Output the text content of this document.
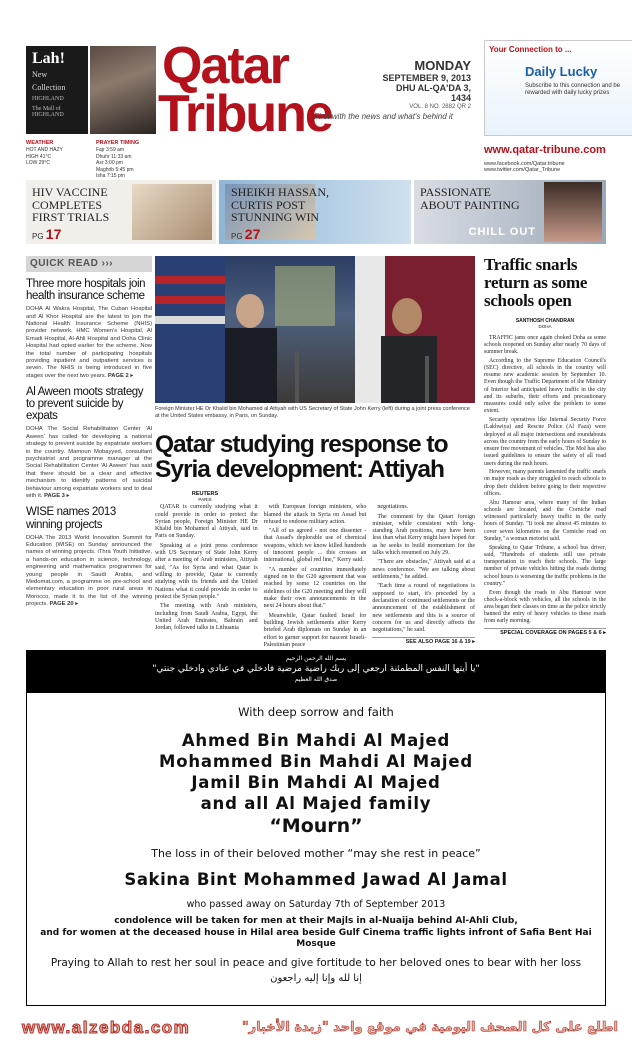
Lah!
New
Collection
HIGHLAND
The Mall of HIGHLAND
Qatar
Tribune
MONDAY
SEPTEMBER 9, 2013
DHU AL-QA'DA 3, 1434
VOL. 8 NO. 2882 QR 2
First with the news and what's behind it
Your Connection to ...
Daily Lucky
Subscribe to this connection and be rewarded with daily lucky prizes
www.qatar-tribune.com
www.facebook.com/Qatar.tribune www.twitter.com/Qatar_Tribune
WEATHER
HOT AND HAZY
HIGH 41°C
LOW 29°C
PRAYER TIMING
Fajr 3:59 am
Dhuhr 11:33 am
Asr 3:00 pm
Maghrib 5:45 pm
Isha 7:15 pm
HIV VACCINE COMPLETES FIRST TRIALS
PG 17
SHEIKH HASSAN, CURTIS POST STUNNING WIN
PG 27
PASSIONATE ABOUT PAINTING
CHILL OUT
QUICK READ ›››
Three more hospitals join health insurance scheme
DOHA Al Wakra Hospital, The Cuban Hospital and Al Khor Hospital are the latest to join the National Health Insurance Scheme (NHIS) provider network, HMC Women's Hospital, Al Emadi Hospital, Al-Ahli Hospital and Doha Clinic Hospital had opted earlier for the scheme. Now the total number of participating hospitals providing inpatient and outpatient services is seven. The NHIS is being introduced in five stages over the next two years. PAGE 2 ▸
Al Aween moots strategy to prevent suicide by expats
DOHA The Social Rehabilitation Center 'Al Aween' has called for developing a national strategy to prevent suicide by expatriate workers in the country. Mamoun Mobayyed, consultant psychiatrist and programme manager at the Social Rehabilitation Center 'Al Aween' has said that there should be a clear and effective mechanism to identify patterns of suicidal behaviour among expatriate workers and to deal with it. PAGE 3 ▸
WISE names 2013 winning projects
DOHA The 2013 World Innovation Summit for Education (WISE) on Sunday announced the names of winning projects. iThra Youth Initiative, a hands-on education in science, technology, engineering and mathematics programmes for young people in Saudi Arabia, and Medomat.com, a programme on pre-school and elementary education in poor rural areas in Morocco, made it to the list of the winning projects. PAGE 20 ▸
Foreign Minister HE Dr Khalid bin Mohamed al Attiyah with US Secretary of State John Kerry (left) during a joint press conference at the United States embassy, in Paris, on Sunday.
Qatar studying response to Syria development: Attiyah
REUTERS
PARIS

QATAR is currently studying what it could provide in order to protect the Syrian people, Foreign Minister HE Dr Khalid bin Mohamed al Attiyah, said in Paris on Sunday.

Speaking at a joint press conference with US Secretary of State John Kerry after a meeting of Arab ministers, Attiyah said, "As for Syria and what Qatar is willing to provide, Qatar is currently studying with its friends and the United Nations what it could provide in order to protect the Syrian people."

The meeting with Arab ministers, including from Saudi Arabia, Egypt, the United Arab Emirates, Bahrain and Jordan, followed talks in Lithuania

with European foreign ministers, who blamed the attack in Syria on Assad but refused to endorse military action.

"All of us agreed - not one dissenter - that Assad's deplorable use of chemical weapons, which we know killed hundreds of innocent people ... this crosses an international, global red line," Kerry said.

"A number of countries immediately signed on to the G20 agreement that was reached by some 12 countries on the sidelines of the G20 meeting and they will make their own announcements in the next 24 hours about that."

Meanwhile, Qatar faulted Israel for building Jewish settlements after Kerry briefed Arab diplomats on Sunday in an effort to garner support for nascent Israeli-Palestinian peace

negotiations.

The comment by the Qatari foreign minister, while consistent with long-standing Arab positions, may have been less than what Kerry might have hoped for as he seeks to build momentum for the talks which resumed on July 29.

"There are obstacles," Attiyah said at a news conference. "We are talking about settlements," he added.

"Each time a round of negotiations is supposed to start, it's preceded by a declaration of continued settlements or the announcement of the establishment of new settlements and this is a source of concern for us and directly affects the negotiations," he said.

SEE ALSO PAGE 16 & 19 ▸
Traffic snarls return as some schools open
SANTHOSH CHANDRAN
DOHA

TRAFFIC jams once again choked Doha as some schools reopened on Sunday after nearly 70 days of summer break.

According to the Supreme Education Council's (SEC) directive, all schools in the country will resume new academic session by September 10. Even though the Traffic Department of the Ministry of Interior had anticipated heavy traffic in the city and its suburbs, their efforts and precautionary measures could only solve the problem to some extent.

Security operatives like Internal Security Force (Lakhwiya) and Rescue Police (Al Faza) were deployed at all major intersections and roundabouts across the country from the early hours of Sunday to ensure free movement of vehicles. The MoI has also issued guidelines to ensure the safety of all road users during the rush hours.

However, many parents lamented the traffic snarls on major roads as they struggled to reach schools to drop their children before going to their respective offices.

Abu Hamour area, where many of the Indian schools are located, and the Corniche road witnessed particularly heavy traffic in the early hours of Sunday. "It took me almost 45 minutes to cover seven kilometres on the Corniche road on Sunday," a woman motorist said.

Speaking to Qatar Tribune, a school bus driver, said, "Hundreds of students still use private transportation to reach their schools. The large number of private vehicles hitting the roads during school hours is worsening the traffic problems in the country."

Even though the roads to Abu Hamour were chock-a-block with vehicles, all the schools in the area began their classes on time as the police strictly banned the entry of heavy vehicles to these roads from early morning.

SPECIAL COVERAGE ON PAGES 5 & 6 ▸
بسم الله الرحمن الرحيم
"يا أيتها النفس المطمئنة ارجعي إلى ربك راضية مرضية فادخلي في عبادي وادخلي جنتي"
صدق الله العظيم
With deep sorrow and faith
Ahmed Bin Mahdi Al Majed
Mohammed Bin Mahdi Al Majed
Jamil Bin Mahdi Al Majed
and all Al Majed family
“Mourn”
The loss in of their beloved mother “may she rest in peace”
Sakina Bint Mohammed Jawad Al Jamal
who passed away on Saturday 7th of September 2013
condolence will be taken for men at their Majls in al-Nuaija behind Al-Ahli Club,
and for women at the deceased house in Hilal area beside Gulf Cinema traffic lights infront of Safia Bent Hai Mosque
Praying to Allah to rest her soul in peace and give fortitude to her beloved ones to bear with her loss
إنا لله وإنا إليه راجعون
www.alzebda.com	اطلع على كل الصحف اليومية في موقع واحد "زبدة الأخبار"
